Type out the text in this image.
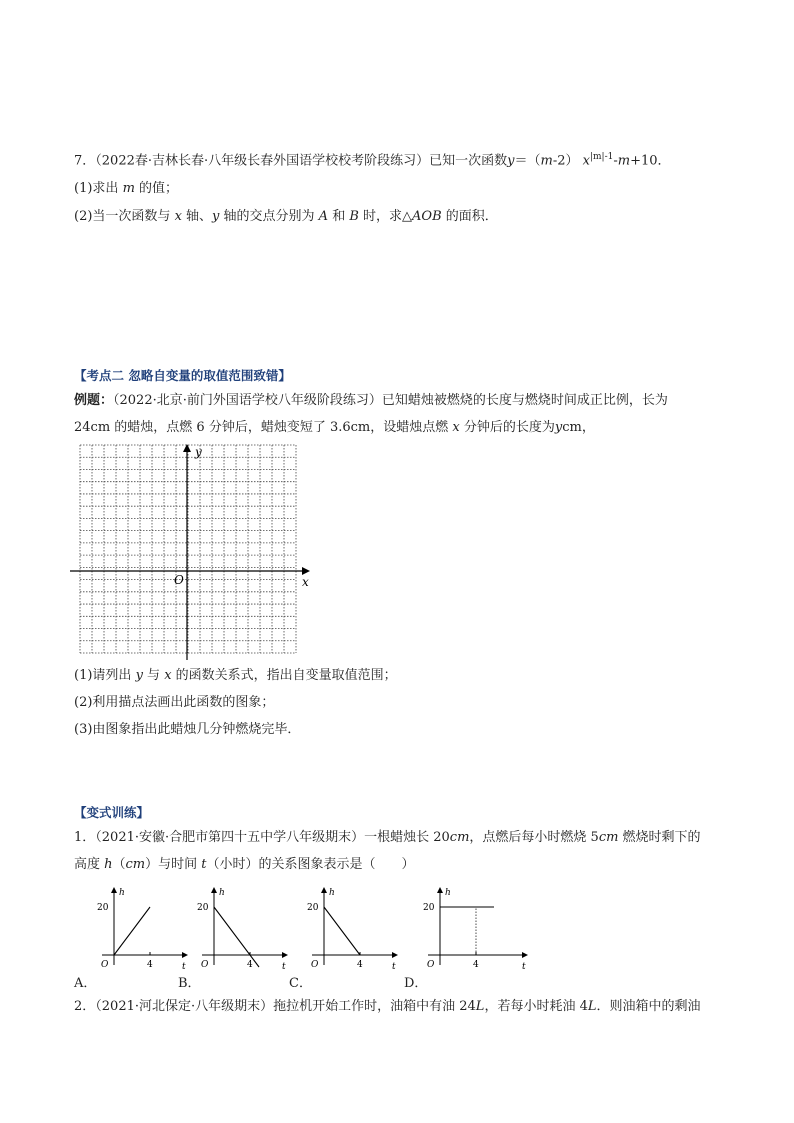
7．（2022春·吉林长春·八年级长春外国语学校校考阶段练习）已知一次函数y＝（m-2） $x^{|m|-1}-m+10$．
(1)求出 m 的值；
(2)当一次函数与 x 轴、y 轴的交点分别为 A 和 B 时，求△AOB 的面积．
【考点二 忽略自变量的取值范围致错】
例题：（2022·北京·前门外国语学校八年级阶段练习）已知蜡烛被燃烧的长度与燃烧时间成正比例，长为
24cm 的蜡烛，点燃 6 分钟后，蜡烛变短了 3.6cm，设蜡烛点燃 x 分钟后的长度为ycm，
y
x
O
(1)请列出 y 与 x 的函数关系式，指出自变量取值范围；
(2)利用描点法画出此函数的图象；
(3)由图象指出此蜡烛几分钟燃烧完毕．
【变式训练】
1．（2021·安徽·合肥市第四十五中学八年级期末）一根蜡烛长 20cm，点燃后每小时燃烧 5cm 燃烧时剩下的
高度 h（cm）与时间 t（小时）的关系图象表示是（　　）
h
t
O
20
4
h
t
O
20
4
h
t
O
20
4
h
t
O
20
4
A．	B．	C．	D．
2．（2021·河北保定·八年级期末）拖拉机开始工作时，油箱中有油 24L，若每小时耗油 4L．则油箱中的剩油
